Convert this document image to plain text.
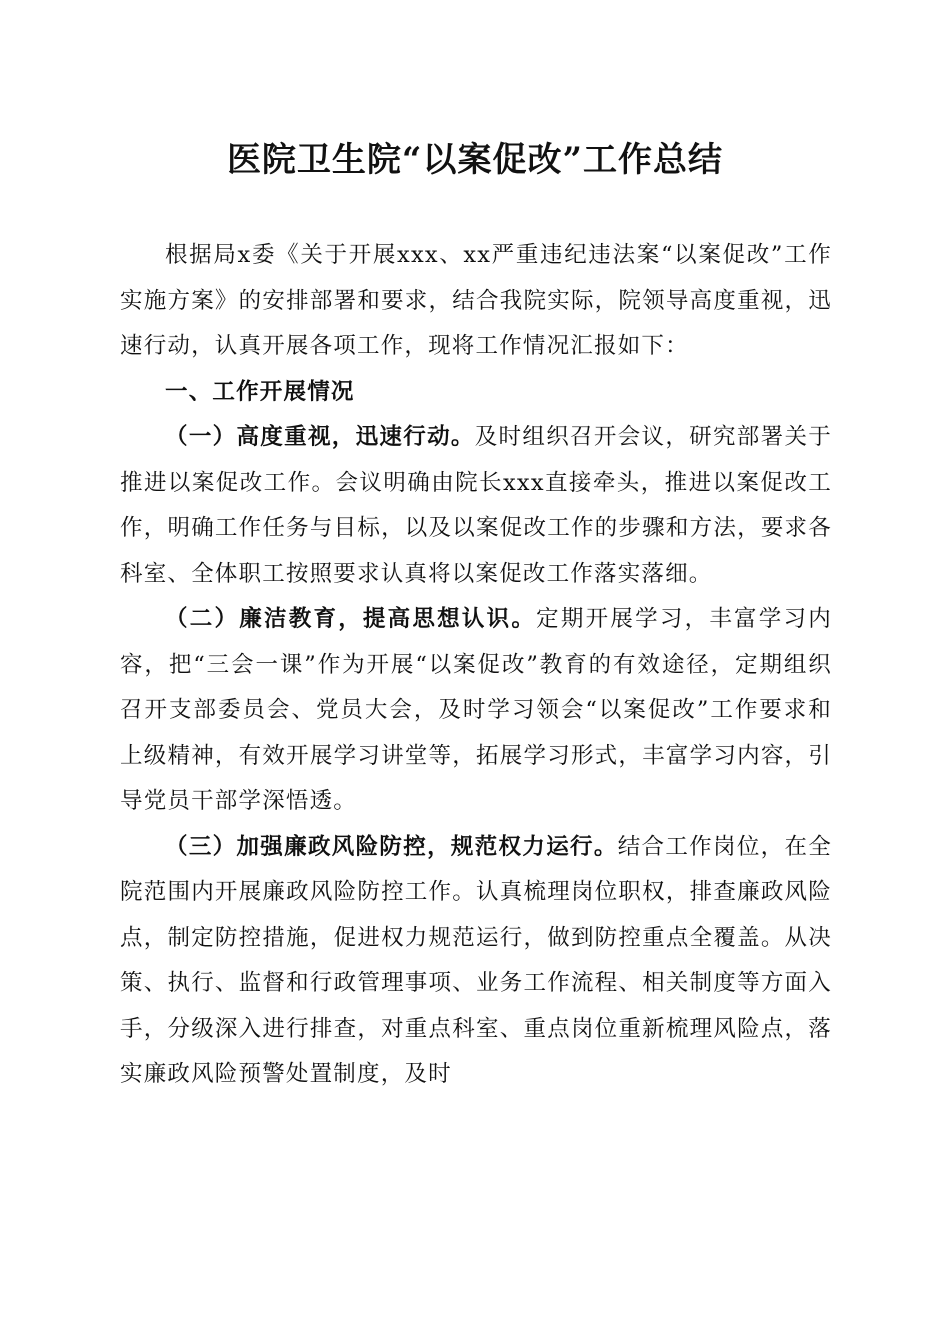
医院卫生院“以案促改”工作总结

根据局x委《关于开展xxx、xx严重违纪违法案“以案促改”工作实施方案》的安排部署和要求，结合我院实际，院领导高度重视，迅速行动，认真开展各项工作，现将工作情况汇报如下：

一、工作开展情况

（一）高度重视，迅速行动。及时组织召开会议，研究部署关于推进以案促改工作。会议明确由院长xxx直接牵头，推进以案促改工作，明确工作任务与目标，以及以案促改工作的步骤和方法，要求各科室、全体职工按照要求认真将以案促改工作落实落细。

（二）廉洁教育，提高思想认识。定期开展学习，丰富学习内容，把“三会一课”作为开展“以案促改”教育的有效途径，定期组织召开支部委员会、党员大会，及时学习领会“以案促改”工作要求和上级精神，有效开展学习讲堂等，拓展学习形式，丰富学习内容，引导党员干部学深悟透。

（三）加强廉政风险防控，规范权力运行。结合工作岗位，在全院范围内开展廉政风险防控工作。认真梳理岗位职权，排查廉政风险点，制定防控措施，促进权力规范运行，做到防控重点全覆盖。从决策、执行、监督和行政管理事项、业务工作流程、相关制度等方面入手，分级深入进行排查，对重点科室、重点岗位重新梳理风险点，落实廉政风险预警处置制度，及时
